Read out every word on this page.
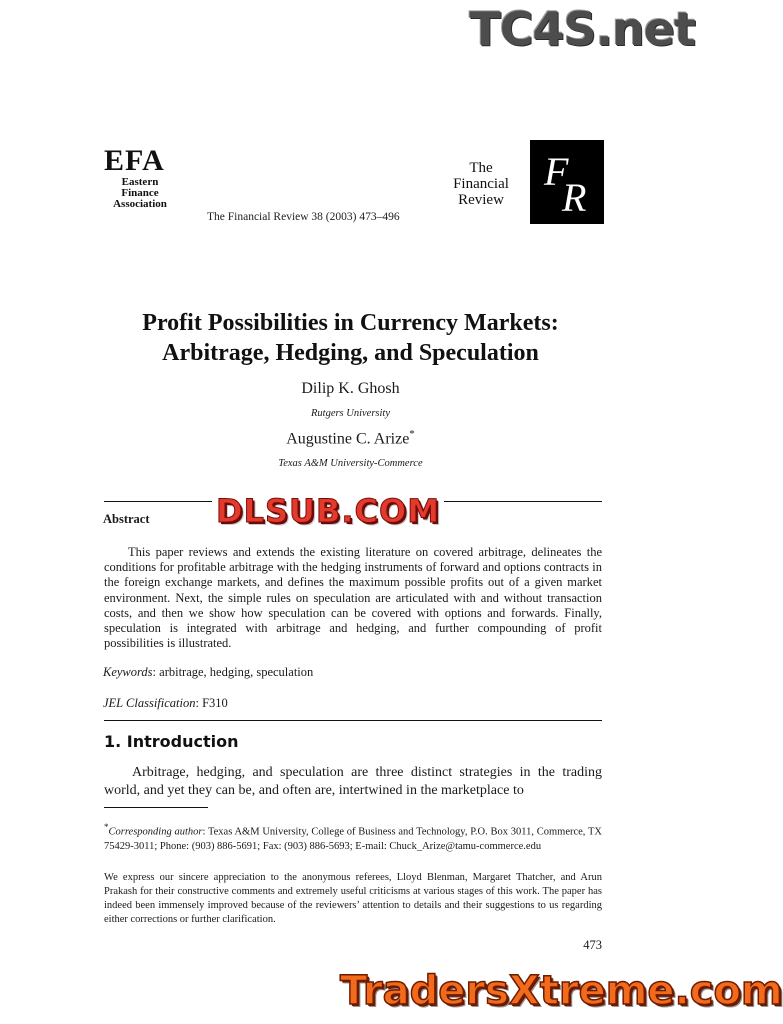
TC4S.net
EFA
Eastern
Finance
Association
The Financial Review 38 (2003) 473–496
The
Financial
Review
F
R
Profit Possibilities in Currency Markets:
Arbitrage, Hedging, and Speculation
Dilip K. Ghosh
Rutgers University
Augustine C. Arize*
Texas A&M University-Commerce
Abstract DLSUB.COM
This paper reviews and extends the existing literature on covered arbitrage, delineates the conditions for profitable arbitrage with the hedging instruments of forward and options contracts in the foreign exchange markets, and defines the maximum possible profits out of a given market environment. Next, the simple rules on speculation are articulated with and without transaction costs, and then we show how speculation can be covered with options and forwards. Finally, speculation is integrated with arbitrage and hedging, and further compounding of profit possibilities is illustrated.
Keywords: arbitrage, hedging, speculation
JEL Classification: F310
1. Introduction
Arbitrage, hedging, and speculation are three distinct strategies in the trading world, and yet they can be, and often are, intertwined in the marketplace to
*Corresponding author: Texas A&M University, College of Business and Technology, P.O. Box 3011, Commerce, TX 75429-3011; Phone: (903) 886-5691; Fax: (903) 886-5693; E-mail: Chuck_Arize@tamu-commerce.edu
We express our sincere appreciation to the anonymous referees, Lloyd Blenman, Margaret Thatcher, and Arun Prakash for their constructive comments and extremely useful criticisms at various stages of this work. The paper has indeed been immensely improved because of the reviewers’ attention to details and their suggestions to us regarding either corrections or further clarification.
473
TradersXtreme.com
